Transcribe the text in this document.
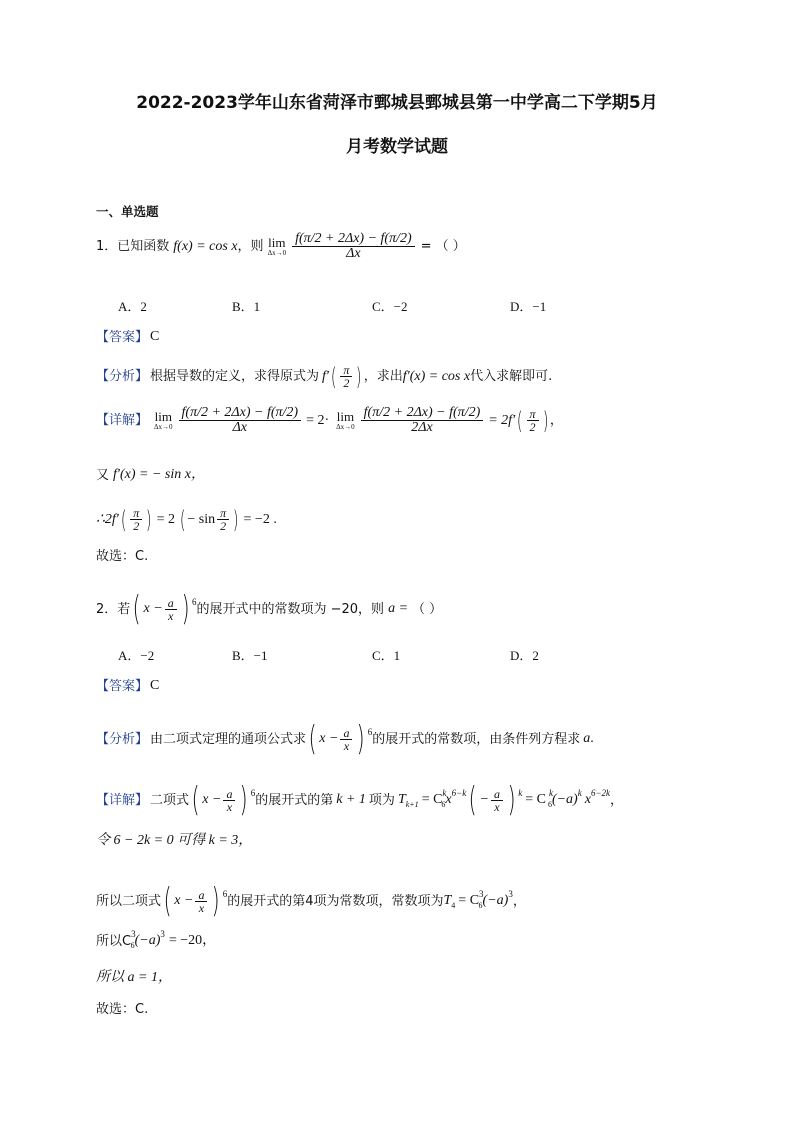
2022-2023学年山东省菏泽市鄄城县鄄城县第一中学高二下学期5月
月考数学试题
一、单选题
1．已知函数 f(x) = cos x ，则 lim
$\Delta x\to 0 \frac{f(\pi/2 + 2\Delta x) - f(\pi/2)}{\Delta x}$ = （ ）
A．2	B．1	C．−2	D．−1
【答案】 C
【分析】 根据导数的定义，求得原式为 f′ ( $\frac{\pi}{2}$ ) ，求出 f′(x) = cos x 代入求解即可.
【详解】 lim
$\Delta x\to 0 \frac{f(\pi/2 + 2\Delta x) - f(\pi/2)}{\Delta x} = 2\cdot \lim$
$\Delta x\to 0 \frac{f(\pi/2 + 2\Delta x) - f(\pi/2)}{2\Delta x} = 2f'$ ( $\frac{\pi}{2}$ ) ，
又 f′(x) = − sin x，
∴2f′ ( $\frac{\pi}{2}$ ) = 2 ( − $\sin \frac{\pi}{2}$ ) = −2 .
故选：C.
2．若 ( $x - \frac{a}{x}$ ) 6 的展开式中的常数项为 −20，则 a = （ ）
A．−2	B．−1	C．1	D．2
【答案】 C
【分析】 由二项式定理的通项公式求 ( $x - \frac{a}{x}$ ) 6 的展开式的常数项，由条件列方程求 a .
【详解】 二项式 ( $x - \frac{a}{x}$ ) 6 的展开式的第 k + 1 项为 T k+1 = C k
6 x 6−k ( − $\frac{a}{x}$ ) k = C k
6 (−a) k x 6−2k ，
令 6 − 2k = 0 可得 k = 3，
所以二项式 ( $x - \frac{a}{x}$ ) 6 的展开式的第4项为常数项，常数项为 T 4 = C 3
6 (−a) 3 ，
所以C 3
6 (−a) 3 = −20，
所以 a = 1，
故选：C.
